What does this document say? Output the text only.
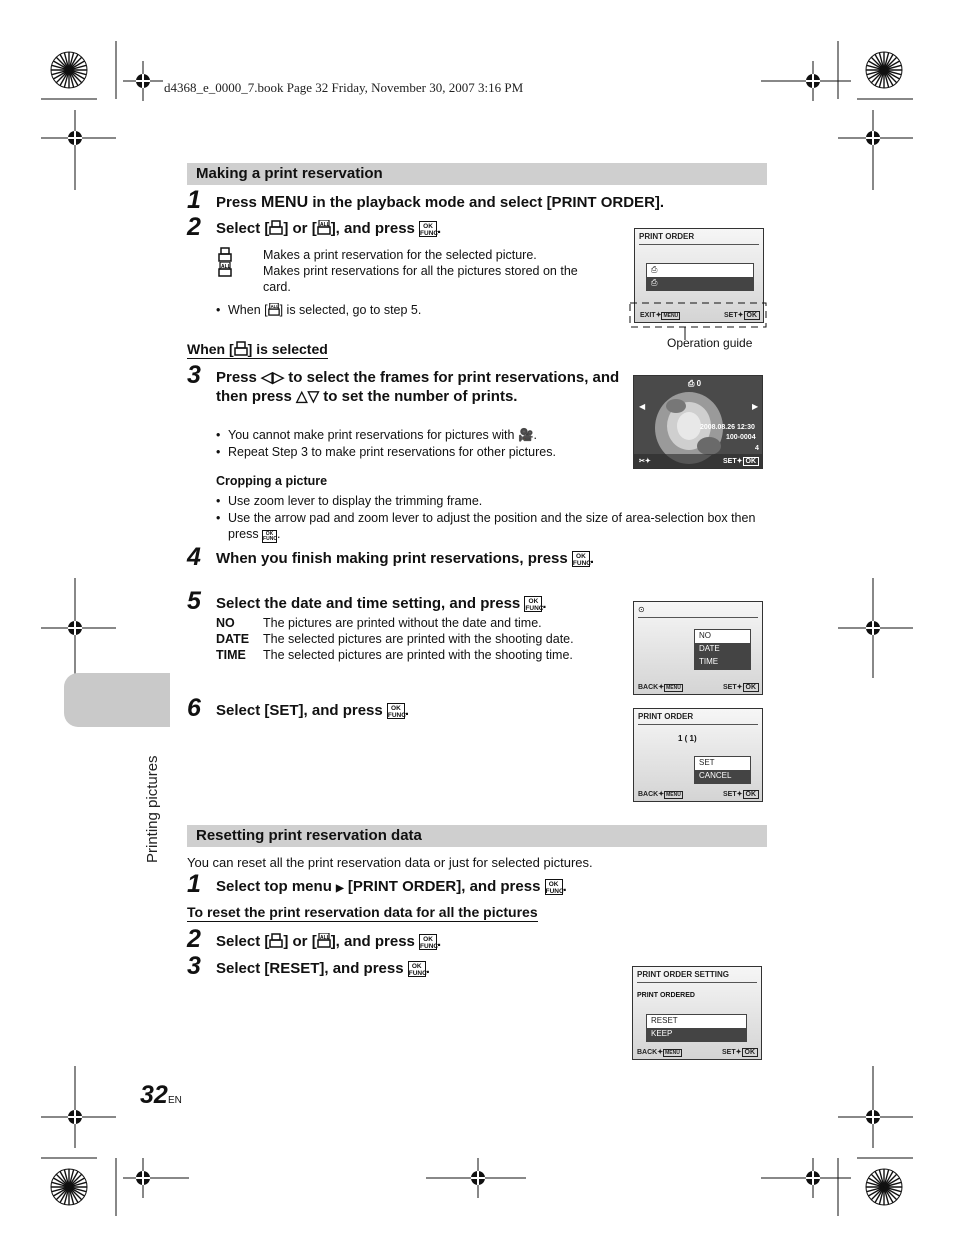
d4368_e_0000_7.book Page 32 Friday, November 30, 2007 3:16 PM
Making a print reservation
1 Press MENU in the playback mode and select [PRINT ORDER].
2 Select [ ] or [ ALL ], and press OK
FUNC.
ALL
Makes a print reservation for the selected picture.
Makes print reservations for all the pictures stored on the card.
• When [ ALL ] is selected, go to step 5.
PRINT ORDER
⎙
⎙
EXIT✦ MENU	SET✦ OK
Operation guide
When [ ] is selected
3 Press ◁▷ to select the frames for print reservations, and then press △▽ to set the number of prints.
• You cannot make print reservations for pictures with 🎥.
• Repeat Step 3 to make print reservations for other pictures.
⎙ 0
◀	▶
2008.08.26 12:30
100-0004
4
SET✦ OK
✂✦
Cropping a picture
• Use zoom lever to display the trimming frame.
• Use the arrow pad and zoom lever to adjust the position and the size of area-selection box then press OK
FUNC.
4 When you finish making print reservations, press OK
FUNC.
5 Select the date and time setting, and press OK
FUNC.
NO The pictures are printed without the date and time.
DATE The selected pictures are printed with the shooting date.
TIME The selected pictures are printed with the shooting time.
⊙
NO
DATE
TIME
BACK✦ MENU	SET✦ OK
6 Select [SET], and press OK
FUNC.	PRINT ORDER
1 ( 1)
SET
CANCEL
BACK✦ MENU	SET✦ OK
Resetting print reservation data
You can reset all the print reservation data or just for selected pictures.
1 Select top menu ▶ [PRINT ORDER], and press OK
FUNC.
To reset the print reservation data for all the pictures
2 Select [ ] or [ ALL ], and press OK
FUNC.
3 Select [RESET], and press OK
FUNC.	PRINT ORDER SETTING
PRINT ORDERED
RESET
KEEP
BACK✦ MENU	SET✦ OK
Printing pictures
32 EN
